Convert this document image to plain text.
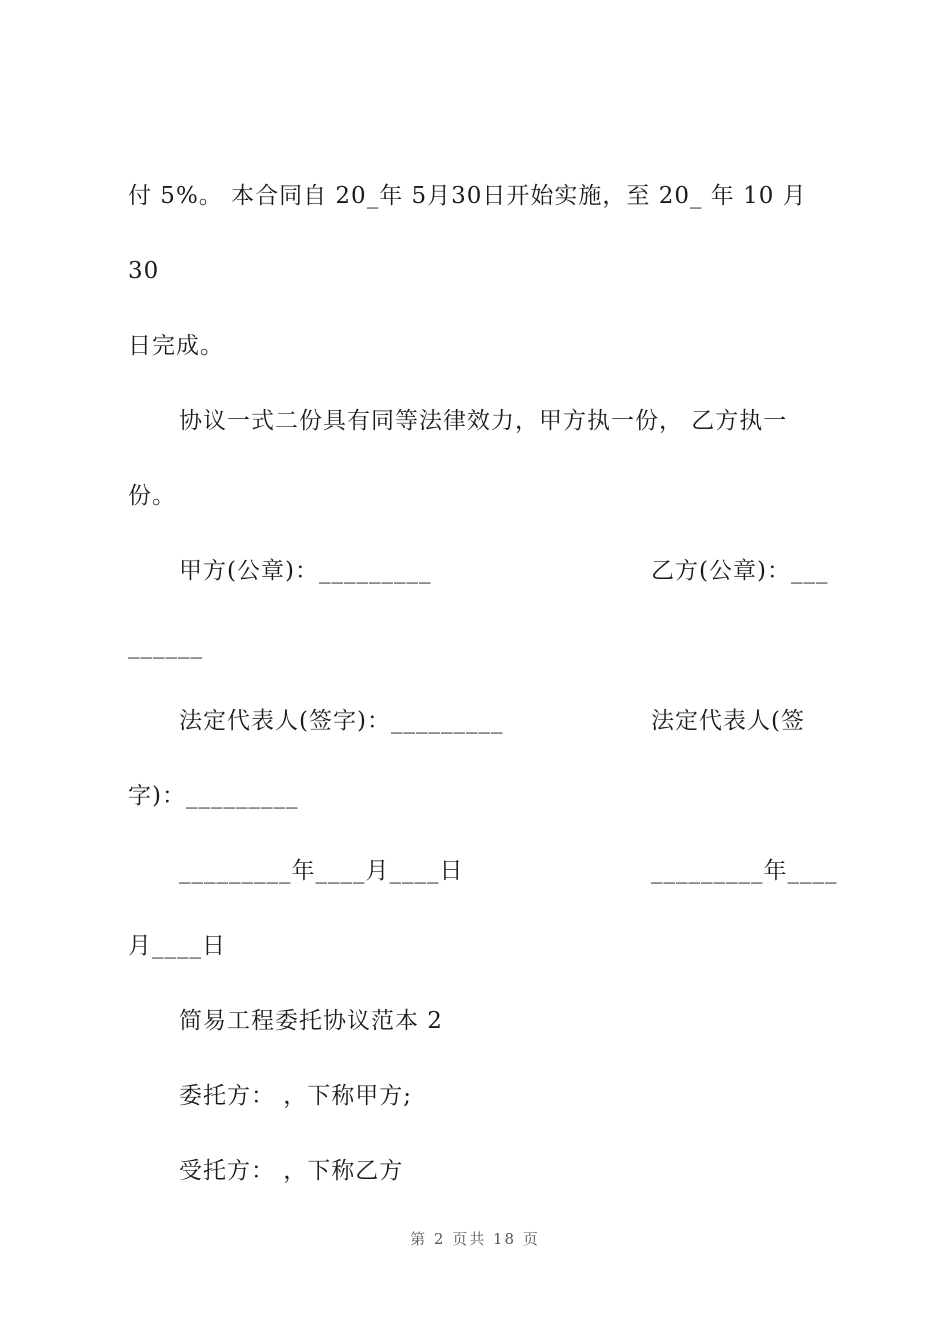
付 5%。 本合同自 20_年 5月30日开始实施，至 20_ 年 10 月
30
日完成。
协议一式二份具有同等法律效力，甲方执一份， 乙方执一
份。
甲方(公章)：_________	乙方(公章)：___
______
法定代表人(签字)：_________	法定代表人(签
字)：_________
_________年____月____日	_________年____
月____日
简易工程委托协议范本 2
委托方： ，下称甲方;
受托方： ，下称乙方
第 2 页共 18 页
